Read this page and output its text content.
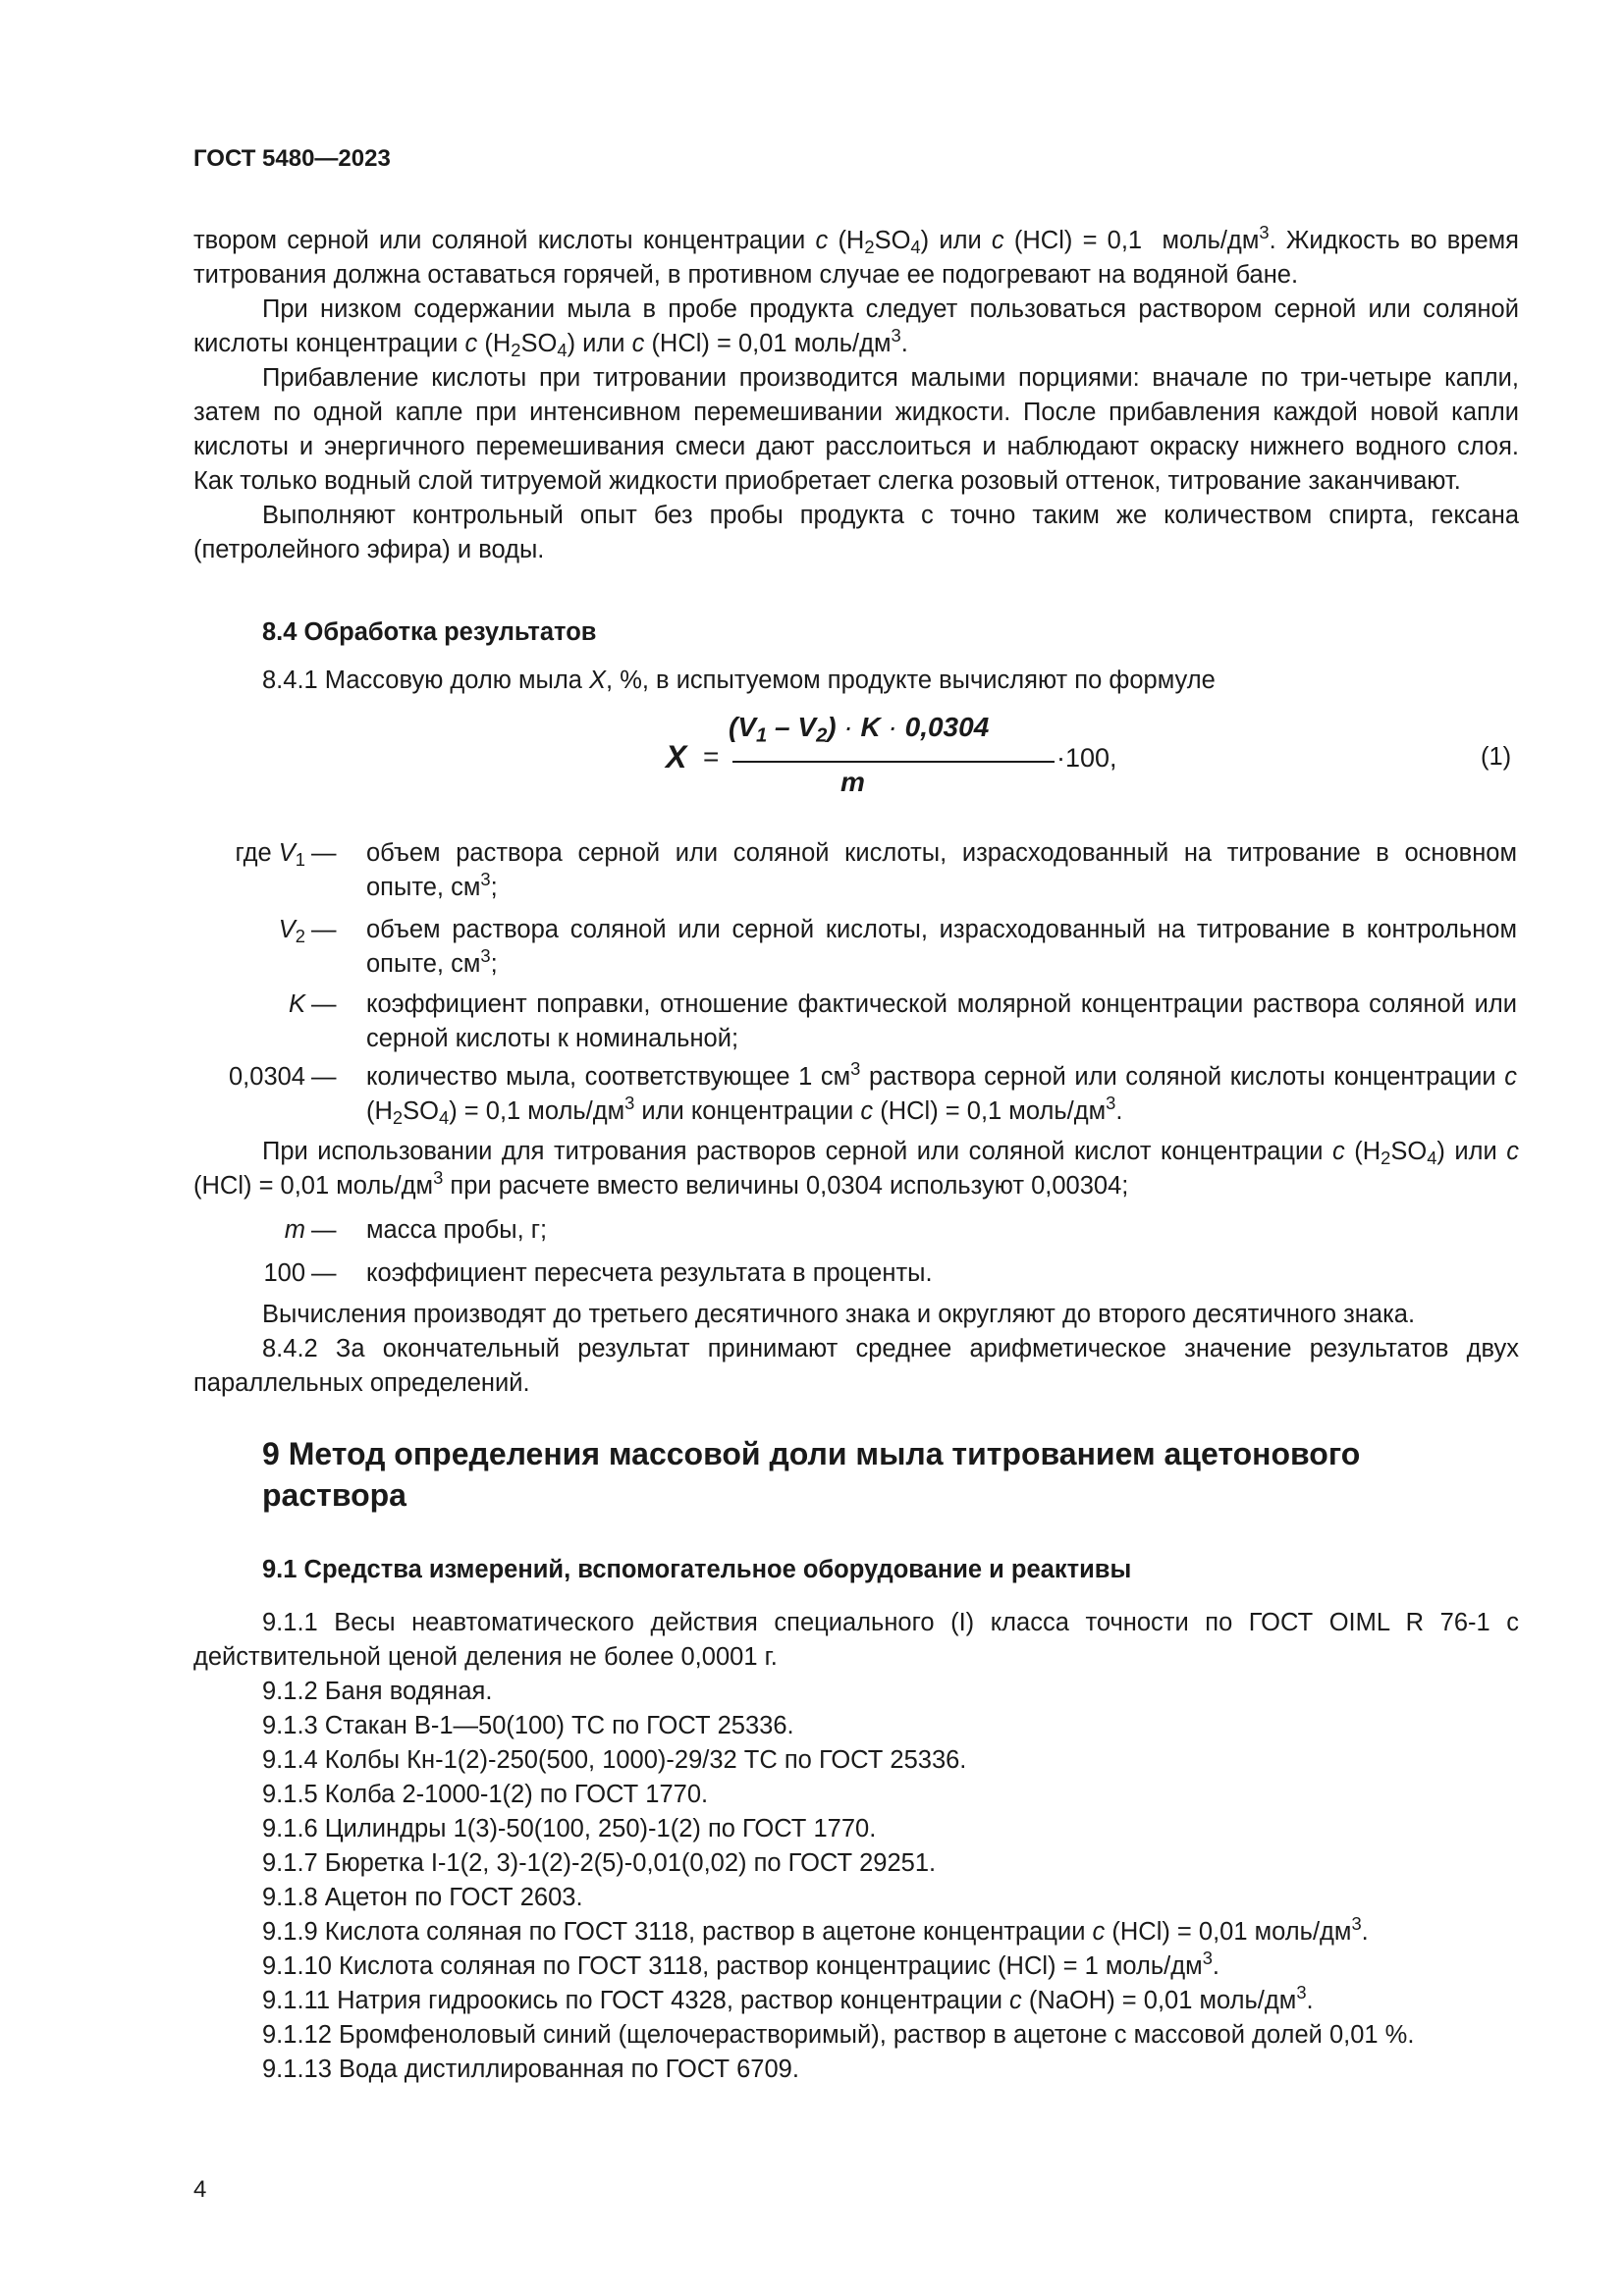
ГОСТ 5480—2023

твором серной или соляной кислоты концентрации c $(H_2SO_4)$ или c (HCl) = 0,1  моль/$дм^3$. Жидкость во время титрования должна оставаться горячей, в противном случае ее подогревают на водяной бане.

При низком содержании мыла в пробе продукта следует пользоваться раствором серной или соляной кислоты концентрации c $(H_2SO_4)$ или c (HCl) = 0,01 моль/$дм^3$.

Прибавление кислоты при титровании производится малыми порциями: вначале по три-четыре капли, затем по одной капле при интенсивном перемешивании жидкости. После прибавления каждой новой капли кислоты и энергичного перемешивания смеси дают расслоиться и наблюдают окраску нижнего водного слоя. Как только водный слой титруемой жидкости приобретает слегка розовый оттенок, титрование заканчивают.

Выполняют контрольный опыт без пробы продукта с точно таким же количеством спирта, гексана (петролейного эфира) и воды.

8.4 Обработка результатов
8.4.1 Массовую долю мыла X, %, в испытуемом продукте вычисляют по формуле
X =
$(V_1 - V_2) \cdot K \cdot 0,0304$
m
·100,	(1)
где $V_1$ — объем раствора серной или соляной кислоты, израсходованный на титрование в основном опыте, $см^3$;
$V_2$ — объем раствора соляной или серной кислоты, израсходованный на титрование в контрольном опыте, $см^3$;
K — коэффициент поправки, отношение фактической молярной концентрации раствора соляной или серной кислоты к номинальной;
0,0304 — количество мыла, соответствующее 1 $см^3$ раствора серной или соляной кислоты концентрации c $(H_2SO_4) = 0,1$ моль/$дм^3$ или концентрации c (HCl) = 0,1 моль/$дм^3$.

При использовании для титрования растворов серной или соляной кислот концентрации c $(H_2SO_4)$ или c (HCl) = 0,01 моль/$дм^3$ при расчете вместо величины 0,0304 используют 0,00304;

m — масса пробы, г;
100 — коэффициент пересчета результата в проценты.

Вычисления производят до третьего десятичного знака и округляют до второго десятичного знака.

8.4.2 За окончательный результат принимают среднее арифметическое значение результатов двух параллельных определений.

9 Метод определения массовой доли мыла титрованием ацетонового раствора
9.1 Средства измерений, вспомогательное оборудование и реактивы

9.1.1 Весы неавтоматического действия специального (I) класса точности по ГОСТ OIML R 76-1 с действительной ценой деления не более 0,0001 г.

9.1.2 Баня водяная.

9.1.3 Стакан В-1—50(100) ТС по ГОСТ 25336.

9.1.4 Колбы Кн-1(2)-250(500, 1000)-29/32 ТС по ГОСТ 25336.

9.1.5 Колба 2-1000-1(2) по ГОСТ 1770.

9.1.6 Цилиндры 1(3)-50(100, 250)-1(2) по ГОСТ 1770.

9.1.7 Бюретка I-1(2, 3)-1(2)-2(5)-0,01(0,02) по ГОСТ 29251.

9.1.8 Ацетон по ГОСТ 2603.

9.1.9 Кислота соляная по ГОСТ 3118, раствор в ацетоне концентрации c (HCl) = 0,01 моль/$дм^3$.

9.1.10 Кислота соляная по ГОСТ 3118, раствор концентрациис (HCl) = 1 моль/$дм^3$.

9.1.11 Натрия гидроокись по ГОСТ 4328, раствор концентрации c (NaOH) = 0,01 моль/$дм^3$.

9.1.12 Бромфеноловый синий (щелочерастворимый), раствор в ацетоне с массовой долей 0,01 %.

9.1.13 Вода дистиллированная по ГОСТ 6709.

4
